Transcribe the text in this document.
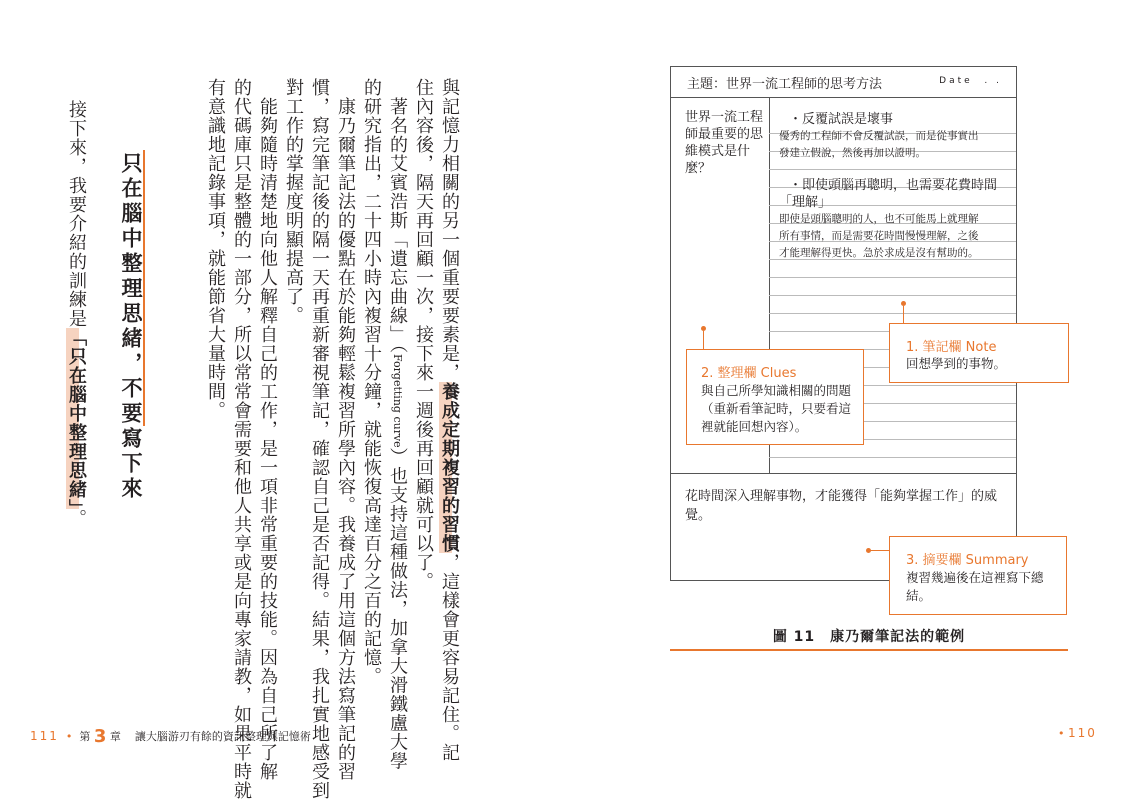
與記憶力相關的另一個重要要素是，養成定期複習的習慣，這樣會更容易記住。記
住內容後，隔天再回顧一次，接下來一週後再回顧就可以了。
　著名的艾賓浩斯「遺忘曲線」（Forgetting curve）也支持這種做法，加拿大滑鐵盧大學
的研究指出，二十四小時內複習十分鐘，就能恢復高達百分之百的記憶。
　康乃爾筆記法的優點在於能夠輕鬆複習所學內容。我養成了用這個方法寫筆記的習
慣，寫完筆記後的隔一天再重新審視筆記，確認自己是否記得。結果，我扎實地感受到
對工作的掌握度明顯提高了。
　能夠隨時清楚地向他人解釋自己的工作，是一項非常重要的技能。因為自己所了解
的代碼庫只是整體的一部分，所以常常會需要和他人共享或是向專家請教，如果平時就
有意識地記錄事項，就能節省大量時間。
只在腦中整理思緒，不要寫下來
接下來，我要介紹的訓練是「只在腦中整理思緒」。
主題：世界一流工程師的思考方法	Date . .
世界一流工程師最重要的思維模式是什麼？
・反覆試誤是壞事
優秀的工程師不會反覆試誤，而是從事實出
發建立假說，然後再加以證明。
・即使頭腦再聰明，也需要花費時間
「理解」
即使是頭腦聰明的人，也不可能馬上就理解
所有事情，而是需要花時間慢慢理解，之後
才能理解得更快。急於求成是沒有幫助的。
花時間深入理解事物，才能獲得「能夠掌握工作」的威覺。
1. 筆記欄 Note
回想學到的事物。
2. 整理欄 Clues
與自己所學知識相關的問題（重新看筆記時，只要看這裡就能回想內容）。
3. 摘要欄 Summary
複習幾遍後在這裡寫下總結。
圖 11　康乃爾筆記法的範例
111  •  第 3 章 讓大腦游刃有餘的資訊整理與記憶術	• 110
